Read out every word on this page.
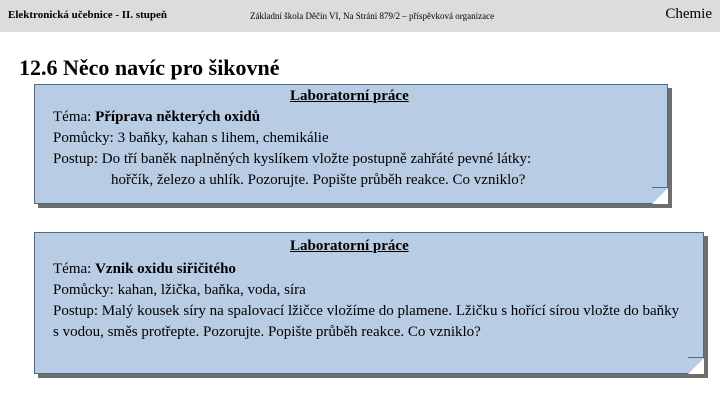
Elektronická učebnice - II. stupeň	Základní škola Děčín VI, Na Stráni 879/2 – příspěvková organizace	Chemie
12.6 Něco navíc pro šikovné
Laboratorní práce
Téma: Příprava některých oxidů
Pomůcky: 3 baňky, kahan s lihem, chemikálie
Postup: Do tří baněk naplněných kyslíkem vložte postupně zahřáté pevné látky:
hořčík, železo a uhlík. Pozorujte. Popište průběh reakce. Co vzniklo?
Laboratorní práce
Téma: Vznik oxidu siřičitého
Pomůcky: kahan, lžička, baňka, voda, síra
Postup: Malý kousek síry na spalovací lžičce vložíme do plamene. Lžičku s hořící sírou vložte do baňky s vodou, směs protřepte. Pozorujte. Popište průběh reakce. Co vzniklo?
